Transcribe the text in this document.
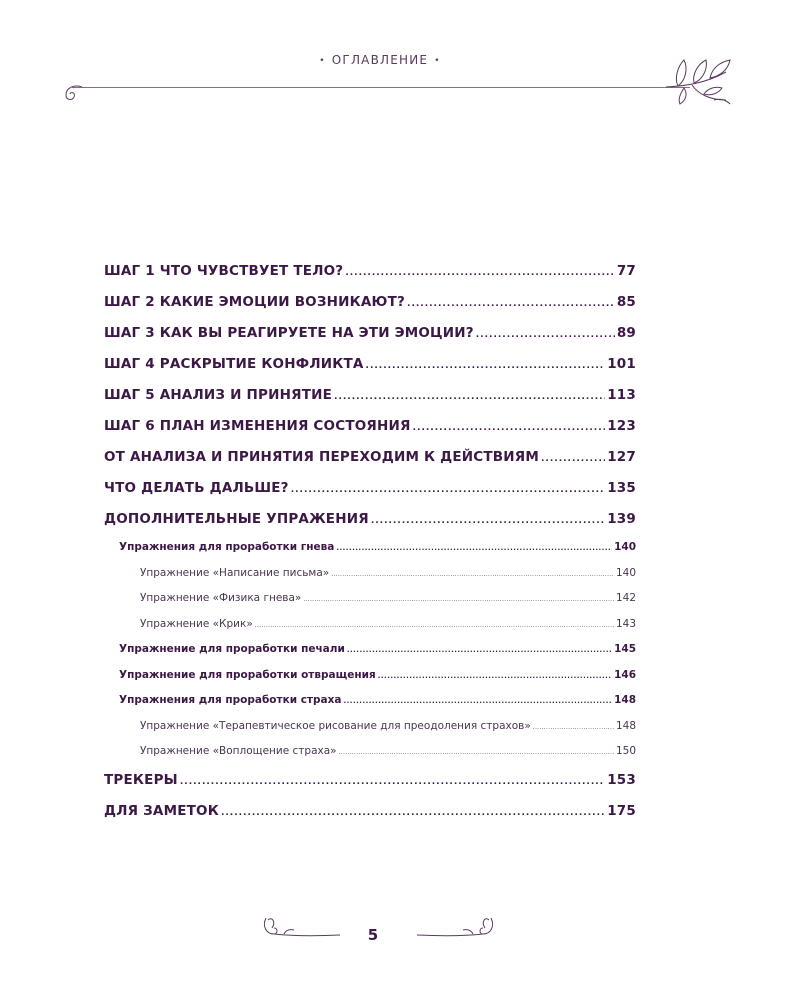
• ОГЛАВЛЕНИЕ •
ШАГ 1 ЧТО ЧУВСТВУЕТ ТЕЛО? .....	77
ШАГ 2 КАКИЕ ЭМОЦИИ ВОЗНИКАЮТ? .....	85
ШАГ 3 КАК ВЫ РЕАГИРУЕТЕ НА ЭТИ ЭМОЦИИ? .....	89
ШАГ 4 РАСКРЫТИЕ КОНФЛИКТА .....	101
ШАГ 5 АНАЛИЗ И ПРИНЯТИЕ .....	113
ШАГ 6 ПЛАН ИЗМЕНЕНИЯ СОСТОЯНИЯ .....	123
ОТ АНАЛИЗА И ПРИНЯТИЯ ПЕРЕХОДИМ К ДЕЙСТВИЯМ .....	127
ЧТО ДЕЛАТЬ ДАЛЬШЕ? .....	135
ДОПОЛНИТЕЛЬНЫЕ УПРАЖЕНИЯ .....	139
Упражнения для проработки гнева .....	140
Упражнение «Написание письма» .....	140
Упражнение «Физика гнева» .....	142
Упражнение «Крик» .....	143
Упражнение для проработки печали .....	145
Упражнение для проработки отвращения .....	146
Упражнения для проработки страха .....	148
Упражнение «Терапевтическое рисование для преодоления страхов» .....	148
Упражнение «Воплощение страха» .....	150
ТРЕКЕРЫ .....	153
ДЛЯ ЗАМЕТОК .....	175
5
